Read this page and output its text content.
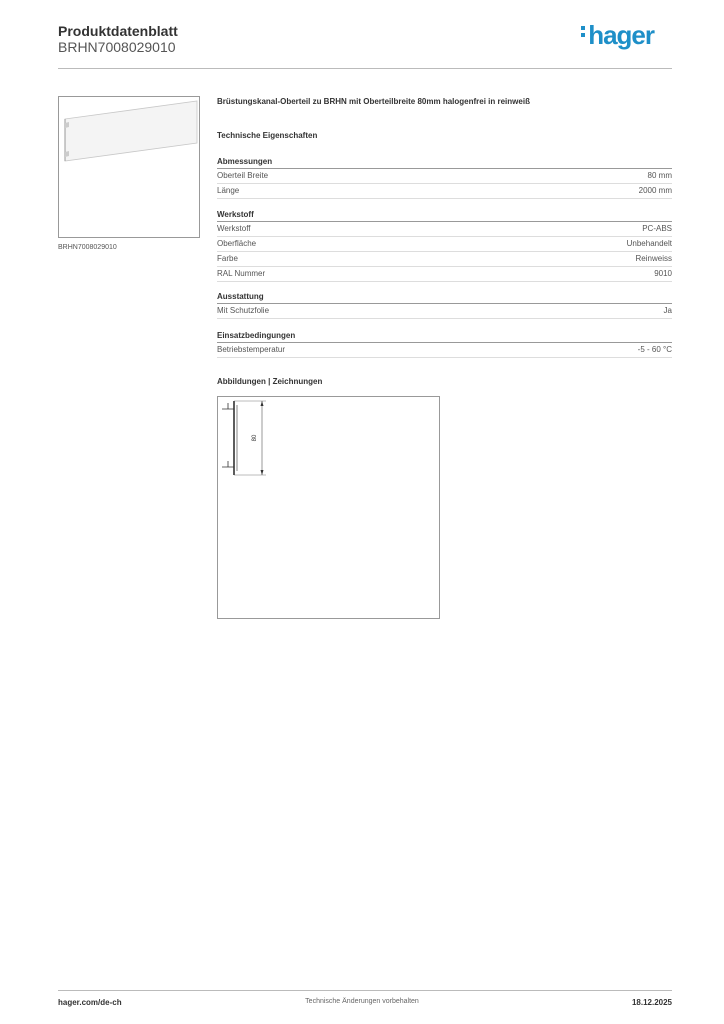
Produktdatenblatt
BRHN7008029010	hager
BRHN7008029010
Brüstungskanal-Oberteil zu BRHN mit Oberteilbreite 80mm halogenfrei in reinweiß
Technische Eigenschaften
Abmessungen
Oberteil Breite	80 mm
Länge	2000 mm
Werkstoff
Werkstoff	PC-ABS
Oberfläche	Unbehandelt
Farbe	Reinweiss
RAL Nummer	9010
Ausstattung
Mit Schutzfolie	Ja
Einsatzbedingungen
Betriebstemperatur	-5 - 60 °C
Abbildungen | Zeichnungen
80
hager.com/de-ch	Technische Änderungen vorbehalten	18.12.2025
